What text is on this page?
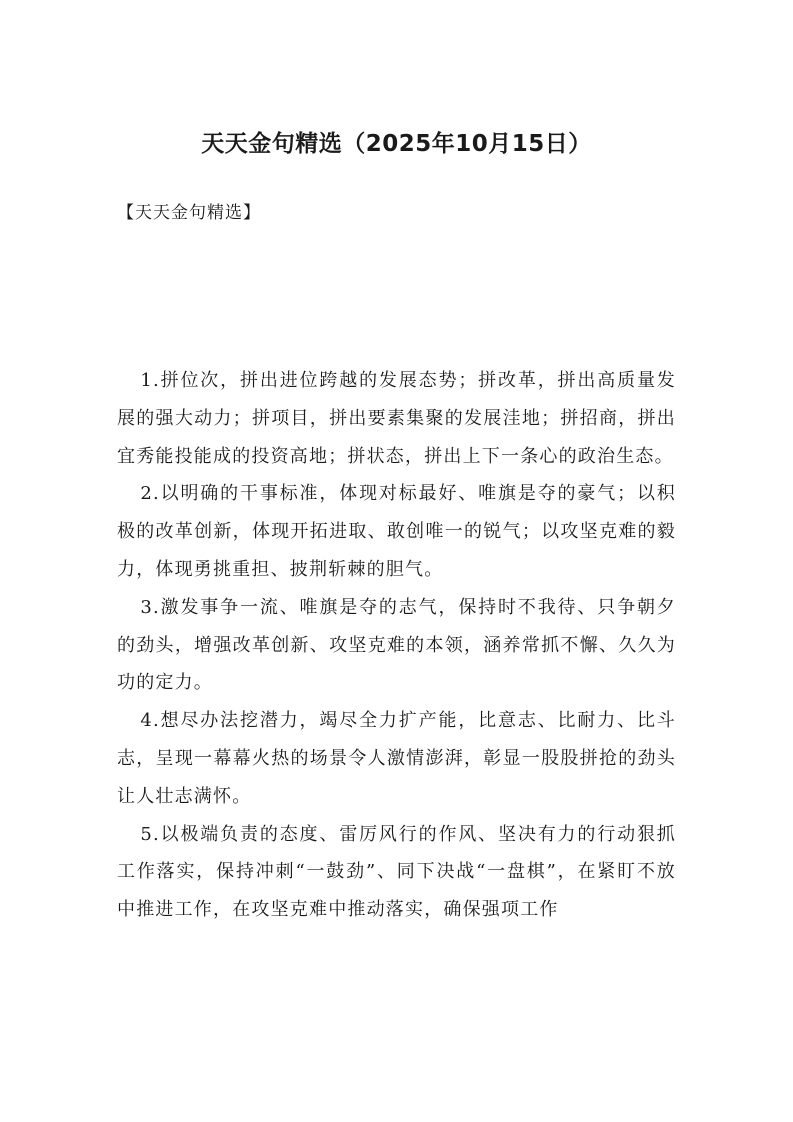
天天金句精选（2025年10月15日）

【天天金句精选】

1.拼位次，拼出进位跨越的发展态势；拼改革，拼出高质量发展的强大动力；拼项目，拼出要素集聚的发展洼地；拼招商，拼出宜秀能投能成的投资高地；拼状态，拼出上下一条心的政治生态。

2.以明确的干事标准，体现对标最好、唯旗是夺的豪气；以积极的改革创新，体现开拓进取、敢创唯一的锐气；以攻坚克难的毅力，体现勇挑重担、披荆斩棘的胆气。

3.激发事争一流、唯旗是夺的志气，保持时不我待、只争朝夕的劲头，增强改革创新、攻坚克难的本领，涵养常抓不懈、久久为功的定力。

4.想尽办法挖潜力，竭尽全力扩产能，比意志、比耐力、比斗志，呈现一幕幕火热的场景令人激情澎湃，彰显一股股拼抢的劲头让人壮志满怀。

5.以极端负责的态度、雷厉风行的作风、坚决有力的行动狠抓工作落实，保持冲刺“一鼓劲”、同下决战“一盘棋”，在紧盯不放中推进工作，在攻坚克难中推动落实，确保强项工作
